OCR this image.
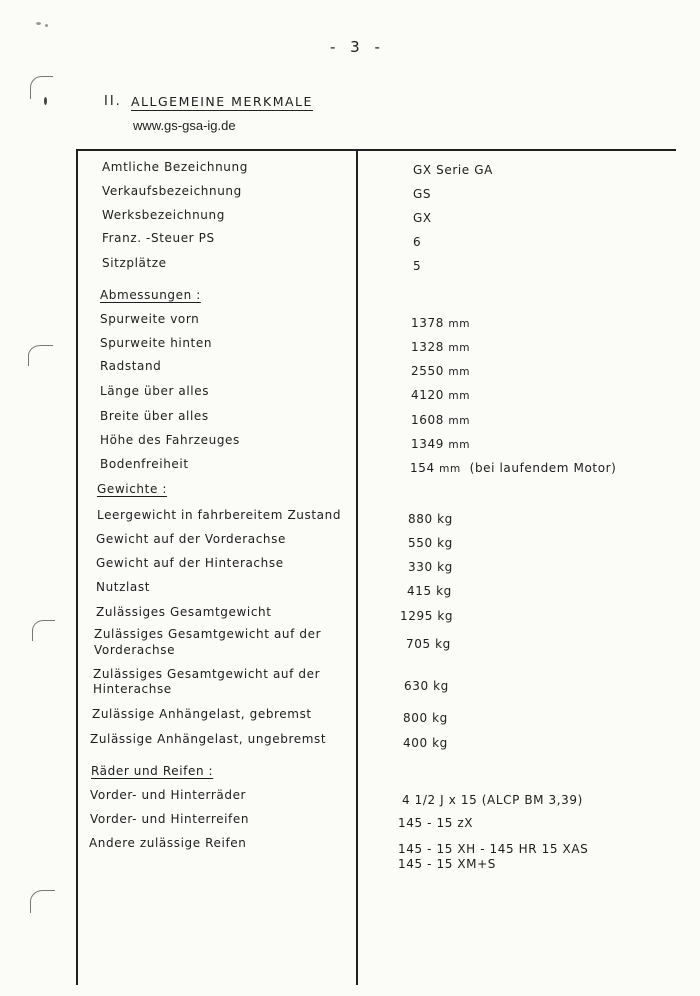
- 3 -
II. ALLGEMEINE MERKMALE
www.gs-gsa-ig.de
Amtliche Bezeichnung	GX Serie GA
Verkaufsbezeichnung	GS
Werksbezeichnung	GX
Franz. -Steuer PS	6
Sitzplätze	5
Abmessungen :
Spurweite vorn	1378 mm
Spurweite hinten	1328 mm
Radstand	2550 mm
Länge über alles	4120 mm
Breite über alles	1608 mm
Höhe des Fahrzeuges	1349 mm
Bodenfreiheit	154 mm (bei laufendem Motor)
Gewichte :
Leergewicht in fahrbereitem Zustand	880 kg
Gewicht auf der Vorderachse	550 kg
Gewicht auf der Hinterachse	330 kg
Nutzlast	415 kg
Zulässiges Gesamtgewicht	1295 kg
Zulässiges Gesamtgewicht auf der
Vorderachse	705 kg
Zulässiges Gesamtgewicht auf der
Hinterachse	630 kg
Zulässige Anhängelast, gebremst	800 kg
Zulässige Anhängelast, ungebremst	400 kg
Räder und Reifen :
Vorder- und Hinterräder	4 1/2 J x 15 (ALCP BM 3,39)
Vorder- und Hinterreifen	145 - 15 zX
Andere zulässige Reifen	145 - 15 XH - 145 HR 15 XAS
145 - 15 XM+S
